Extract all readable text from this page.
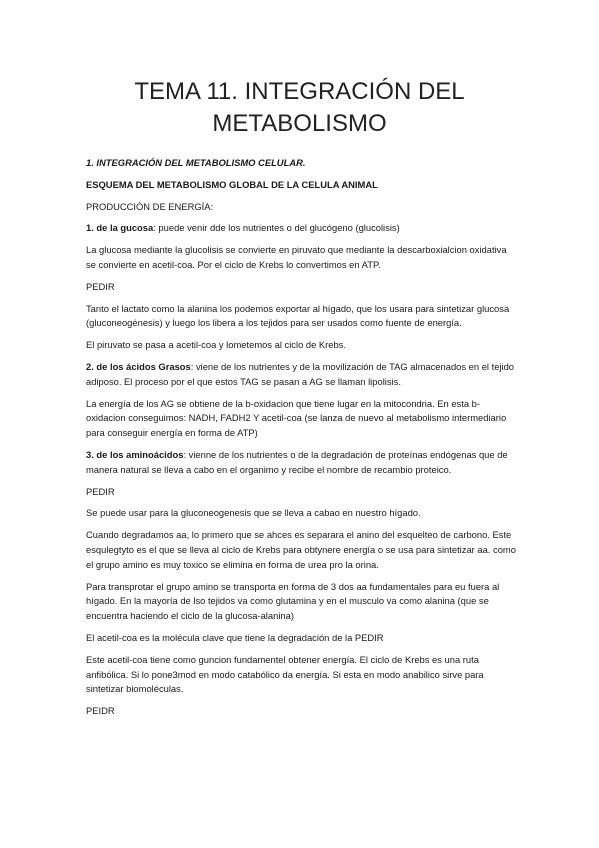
TEMA 11. INTEGRACIÓN DEL
METABOLISMO

1. INTEGRACIÓN DEL METABOLISMO CELULAR.

ESQUEMA DEL METABOLISMO GLOBAL DE LA CELULA ANIMAL

PRODUCCIÓN DE ENERGÍA:

1. de la gucosa: puede venir dde los nutrientes o del glucógeno (glucolisis)

La glucosa mediante la glucolisis se convierte en piruvato que mediante la descarboxialcion oxidativa se convierte en acetil-coa. Por el ciclo de Krebs lo convertimos en ATP.

PEDIR

Tanto el lactato como la alanina los podemos exportar al hígado, que los usara para sintetizar glucosa (gluconeogénesis) y luego los libera a los tejidos para ser usados como fuente de energía.

El piruvato se pasa a acetil-coa y lometemos al ciclo de Krebs.

2. de los ácidos Grasos: viene de los nutrientes y de la movilización de TAG almacenados en el tejido adiposo. El proceso por el que estos TAG se pasan a AG se llaman lipolisis.

La energía de los AG se obtiene de la b-oxidacion que tiene lugar en la mitocondria. En esta b-oxidacion conseguimos: NADH, FADH2 Y acetil-coa (se lanza de nuevo al metabolismo intermediario para conseguir energía en forma de ATP)

3. de los aminoácidos: vienne de los nutrientes o de la degradación de proteínas endógenas que de manera natural se lleva a cabo en el organimo y recibe el nombre de recambio proteico.

PEDIR

Se puede usar para la gluconeogenesis que se lleva a cabao en nuestro hígado.

Cuando degradamos aa, lo primero que se ahces es separara el anino del esquelteo de carbono. Este esqulegtyto es el que se lleva al ciclo de Krebs para obtynere energía o se usa para sintetizar aa. como el grupo amino es muy toxico se elimina en forma de urea pro la orina.

Para transprotar el grupo amino se transporta en forma de 3 dos aa fundamentales para eu fuera al hígado. En la mayoría de lso tejidos va como glutamina y en el musculo va como alanina (que se encuentra haciendo el ciclo de la glucosa-alanina)

El acetil-coa es la molécula clave que tiene la degradación de la PEDIR

Este acetil-coa tiene como guncion fundamentel obtener energía. El ciclo de Krebs es una ruta anfibólica. Si lo pone3mod en modo catabólico da energía. Si esta en modo anabilico sirve para sintetizar biomoléculas.

PEIDR
